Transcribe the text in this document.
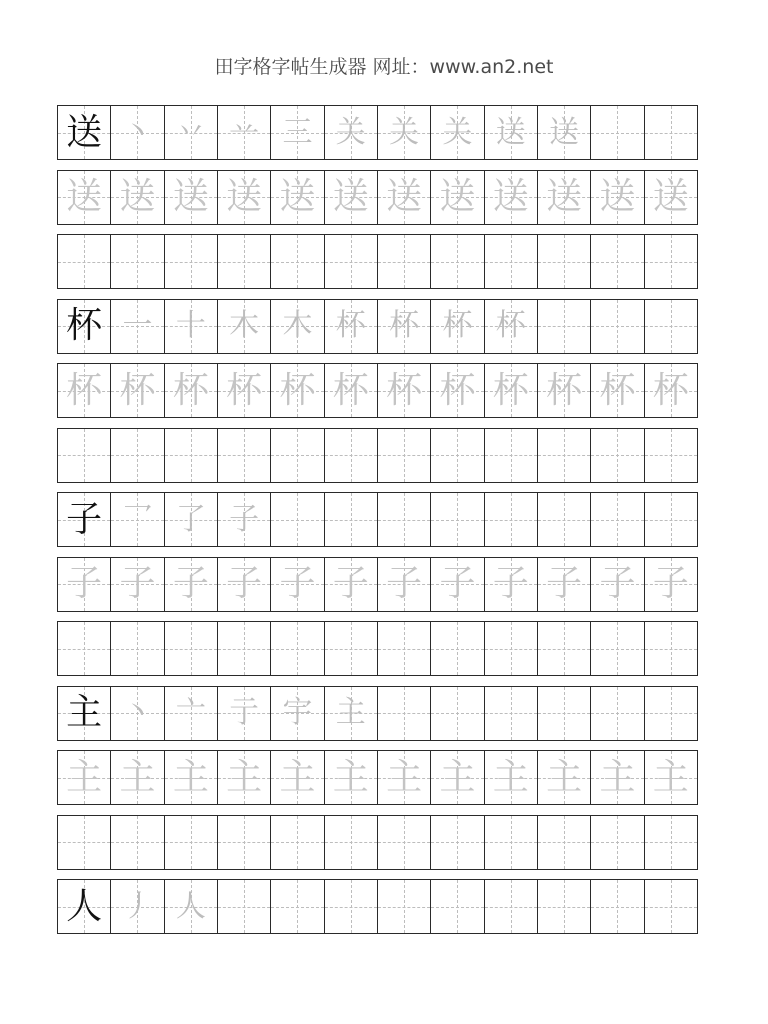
田字格字帖生成器 网址：www.an2.net
送 丶 丷 䒑 三 关 关 关 送 送
送 送 送 送 送 送 送 送 送 送 送 送
杯 一 十 木 木 杯 杯 杯 杯
杯 杯 杯 杯 杯 杯 杯 杯 杯 杯 杯 杯
子 乛 了 子
子 子 子 子 子 子 子 子 子 子 子 子
主 丶 亠 亍 宇 主
主 主 主 主 主 主 主 主 主 主 主 主
人 丿 人
